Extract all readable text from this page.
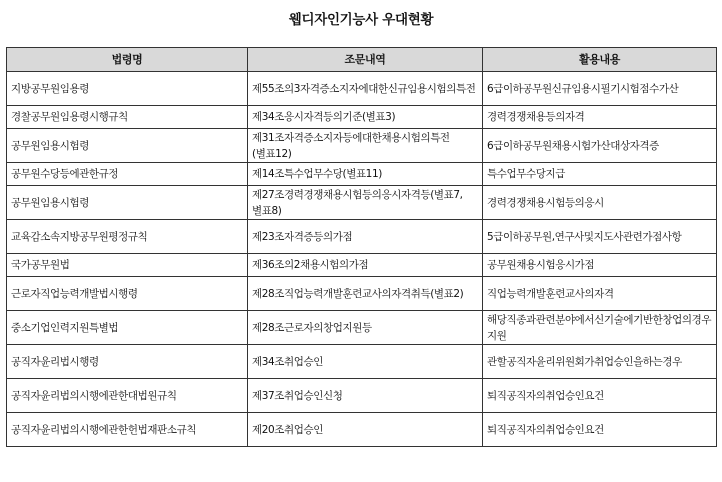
웹디자인기능사 우대현황
법령명	조문내역	활용내용
지방공무원임용령	제55조의3자격증소지자에대한신규임용시험의특전	6급이하공무원신규임용시필기시험점수가산
경찰공무원임용령시행규칙	제34조응시자격등의기준(별표3)	경력경쟁채용등의자격
공무원임용시험령	제31조자격증소지자등에대한채용시험의특전(별표12)	6급이하공무원채용시험가산대상자격증
공무원수당등에관한규정	제14조특수업무수당(별표11)	특수업무수당지급
공무원임용시험령	제27조경력경쟁채용시험등의응시자격등(별표7,별표8)	경력경쟁채용시험등의응시
교육감소속지방공무원평정규칙	제23조자격증등의가점	5급이하공무원,연구사및지도사관련가점사항
국가공무원법	제36조의2채용시험의가점	공무원채용시험응시가점
근로자직업능력개발법시행령	제28조직업능력개발훈련교사의자격취득(별표2)	직업능력개발훈련교사의자격
중소기업인력지원특별법	제28조근로자의창업지원등	해당직종과관련분야에서신기술에기반한창업의경우지원
공직자윤리법시행령	제34조취업승인	관할공직자윤리위원회가취업승인을하는경우
공직자윤리법의시행에관한대법원규칙	제37조취업승인신청	퇴직공직자의취업승인요건
공직자윤리법의시행에관한헌법재판소규칙	제20조취업승인	퇴직공직자의취업승인요건
